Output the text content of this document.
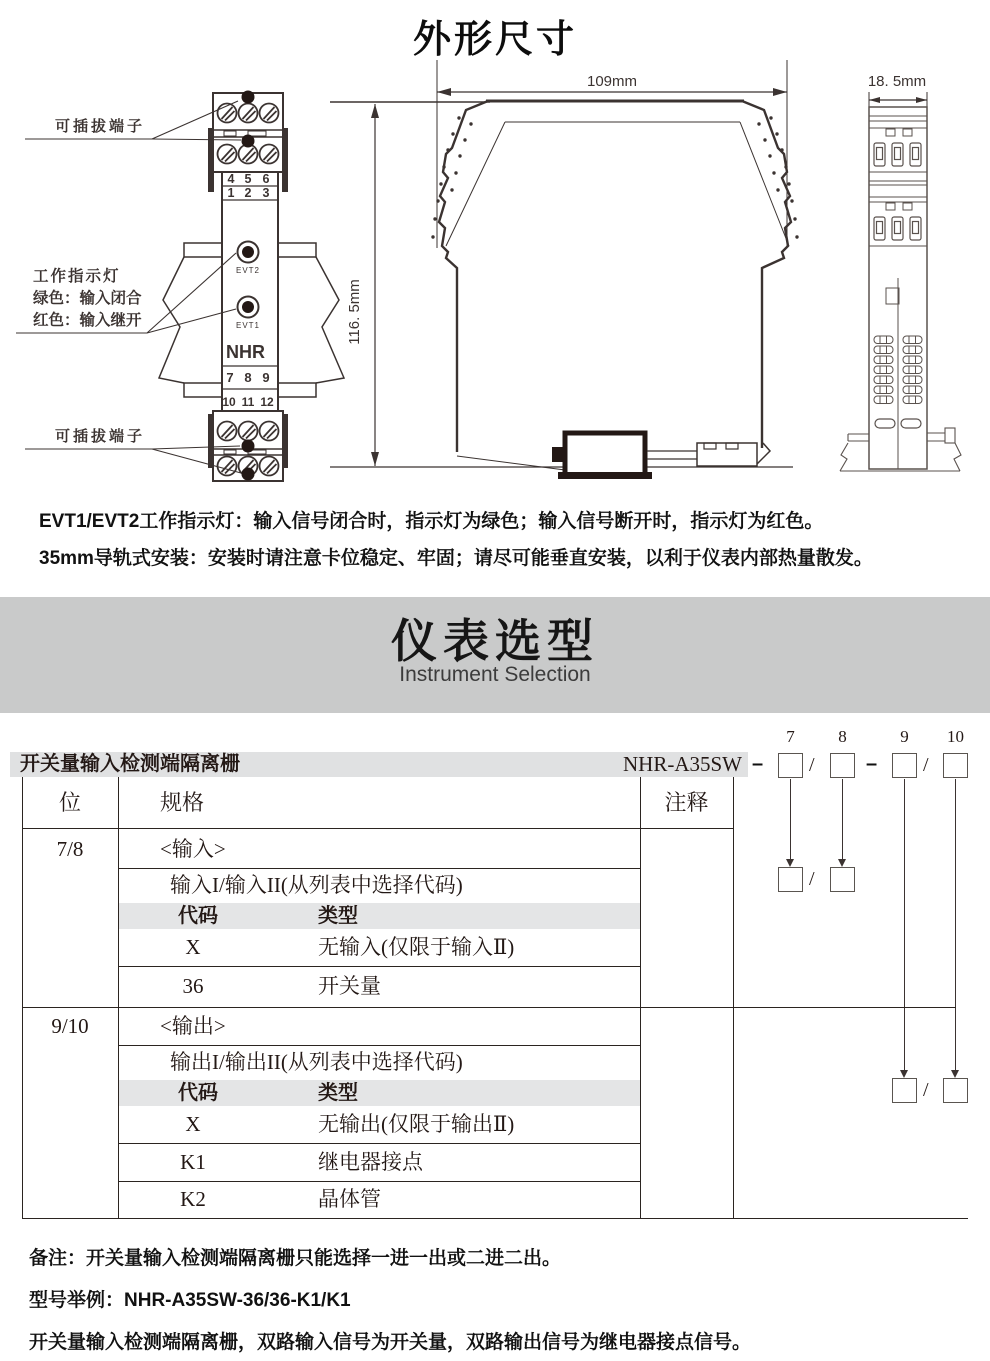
外形尺寸
4 5 6
1 2 3
EVT2
EVT1
NH R
7 8 9
10 11 12
可插拔端子
工作指示灯
绿色：输入闭合
红色：输入继开
可插拔端子
109mm
116. 5mm
18. 5mm
EVT1/EVT2工作指示灯：输入信号闭合时，指示灯为绿色；输入信号断开时，指示灯为红色。
35mm导轨式安装：安装时请注意卡位稳定、牢固；请尽可能垂直安装，以利于仪表内部热量散发。
仪表选型
Instrument Selection
开关量输入检测端隔离栅	NHR-A35SW
7	8	9	10
– /	– /
/
/
位	规格	注释
7/8	<输入>
输入I/输入II(从列表中选择代码)
代码	类型
X	无输入(仅限于输入Ⅱ)
36	开关量
9/10	<输出>
输出I/输出II(从列表中选择代码)
代码	类型
X	无输出(仅限于输出Ⅱ)
K1	继电器接点
K2	晶体管
备注：开关量输入检测端隔离栅只能选择一进一出或二进二出。
型号举例：NHR-A35SW-36/36-K1/K1
开关量输入检测端隔离栅，双路输入信号为开关量，双路输出信号为继电器接点信号。
